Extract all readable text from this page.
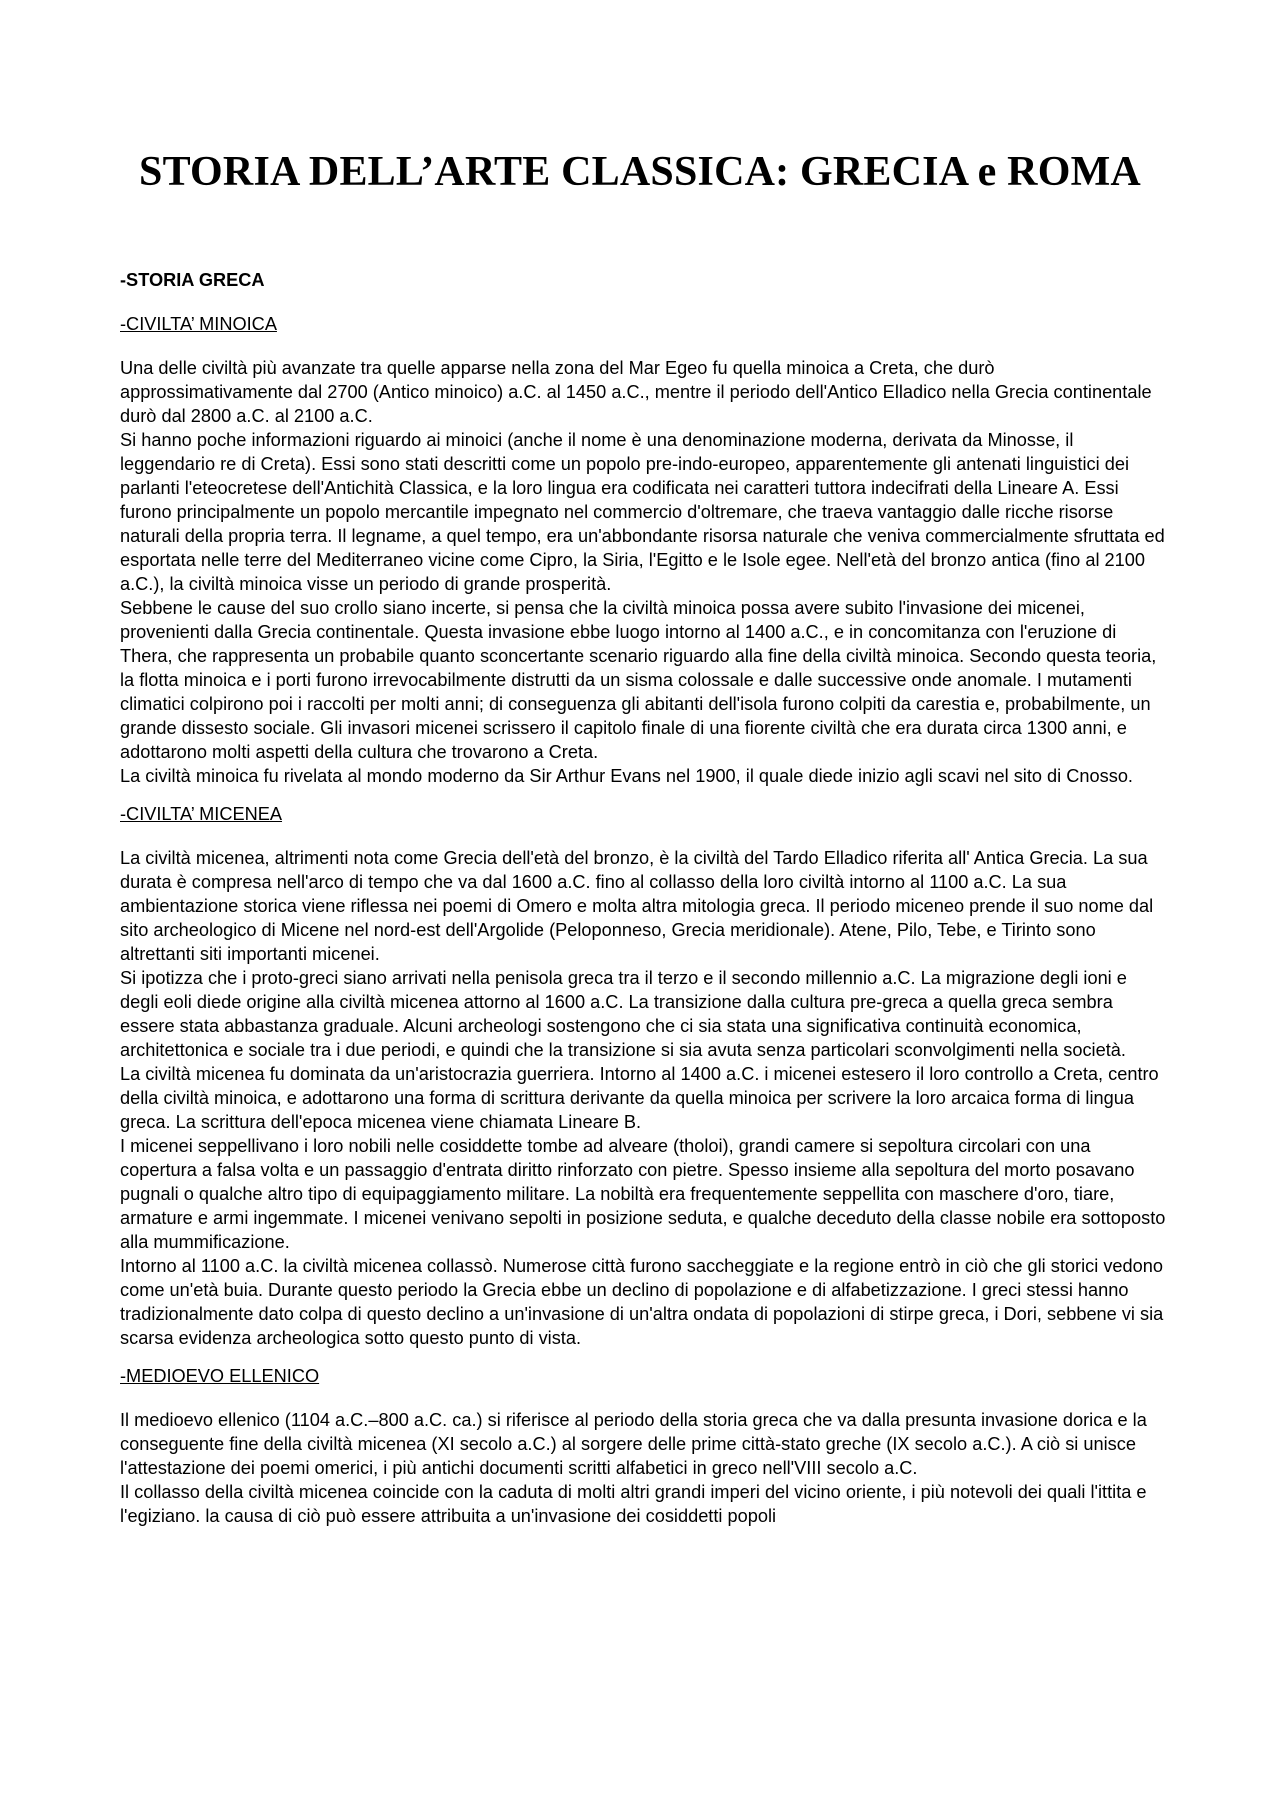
STORIA DELL’ARTE CLASSICA: GRECIA e ROMA

-STORIA GRECA

-CIVILTA’ MINOICA

Una delle civiltà più avanzate tra quelle apparse nella zona del Mar Egeo fu quella minoica a Creta, che durò approssimativamente dal 2700 (Antico minoico) a.C. al 1450 a.C., mentre il periodo dell'Antico Elladico nella Grecia continentale durò dal 2800 a.C. al 2100 a.C.

Si hanno poche informazioni riguardo ai minoici (anche il nome è una denominazione moderna, derivata da Minosse, il leggendario re di Creta). Essi sono stati descritti come un popolo pre-indo-europeo, apparentemente gli antenati linguistici dei parlanti l'eteocretese dell'Antichità Classica, e la loro lingua era codificata nei caratteri tuttora indecifrati della Lineare A. Essi furono principalmente un popolo mercantile impegnato nel commercio d'oltremare, che traeva vantaggio dalle ricche risorse naturali della propria terra. Il legname, a quel tempo, era un'abbondante risorsa naturale che veniva commercialmente sfruttata ed esportata nelle terre del Mediterraneo vicine come Cipro, la Siria, l'Egitto e le Isole egee. Nell'età del bronzo antica (fino al 2100 a.C.), la civiltà minoica visse un periodo di grande prosperità.

Sebbene le cause del suo crollo siano incerte, si pensa che la civiltà minoica possa avere subito l'invasione dei micenei, provenienti dalla Grecia continentale. Questa invasione ebbe luogo intorno al 1400 a.C., e in concomitanza con l'eruzione di Thera, che rappresenta un probabile quanto sconcertante scenario riguardo alla fine della civiltà minoica. Secondo questa teoria, la flotta minoica e i porti furono irrevocabilmente distrutti da un sisma colossale e dalle successive onde anomale. I mutamenti climatici colpirono poi i raccolti per molti anni; di conseguenza gli abitanti dell'isola furono colpiti da carestia e, probabilmente, un grande dissesto sociale. Gli invasori micenei scrissero il capitolo finale di una fiorente civiltà che era durata circa 1300 anni, e adottarono molti aspetti della cultura che trovarono a Creta.

La civiltà minoica fu rivelata al mondo moderno da Sir Arthur Evans nel 1900, il quale diede inizio agli scavi nel sito di Cnosso.

-CIVILTA’ MICENEA

La civiltà micenea, altrimenti nota come Grecia dell'età del bronzo, è la civiltà del Tardo Elladico riferita all' Antica Grecia. La sua durata è compresa nell'arco di tempo che va dal 1600 a.C. fino al collasso della loro civiltà intorno al 1100 a.C. La sua ambientazione storica viene riflessa nei poemi di Omero e molta altra mitologia greca. Il periodo miceneo prende il suo nome dal sito archeologico di Micene nel nord-est dell'Argolide (Peloponneso, Grecia meridionale). Atene, Pilo, Tebe, e Tirinto sono altrettanti siti importanti micenei.

Si ipotizza che i proto-greci siano arrivati nella penisola greca tra il terzo e il secondo millennio a.C. La migrazione degli ioni e degli eoli diede origine alla civiltà micenea attorno al 1600 a.C. La transizione dalla cultura pre-greca a quella greca sembra essere stata abbastanza graduale. Alcuni archeologi sostengono che ci sia stata una significativa continuità economica, architettonica e sociale tra i due periodi, e quindi che la transizione si sia avuta senza particolari sconvolgimenti nella società.

La civiltà micenea fu dominata da un'aristocrazia guerriera. Intorno al 1400 a.C. i micenei estesero il loro controllo a Creta, centro della civiltà minoica, e adottarono una forma di scrittura derivante da quella minoica per scrivere la loro arcaica forma di lingua greca. La scrittura dell'epoca micenea viene chiamata Lineare B.

I micenei seppellivano i loro nobili nelle cosiddette tombe ad alveare (tholoi), grandi camere si sepoltura circolari con una copertura a falsa volta e un passaggio d'entrata diritto rinforzato con pietre. Spesso insieme alla sepoltura del morto posavano pugnali o qualche altro tipo di equipaggiamento militare. La nobiltà era frequentemente seppellita con maschere d'oro, tiare, armature e armi ingemmate. I micenei venivano sepolti in posizione seduta, e qualche deceduto della classe nobile era sottoposto alla mummificazione.

Intorno al 1100 a.C. la civiltà micenea collassò. Numerose città furono saccheggiate e la regione entrò in ciò che gli storici vedono come un'età buia. Durante questo periodo la Grecia ebbe un declino di popolazione e di alfabetizzazione. I greci stessi hanno tradizionalmente dato colpa di questo declino a un'invasione di un'altra ondata di popolazioni di stirpe greca, i Dori, sebbene vi sia scarsa evidenza archeologica sotto questo punto di vista.

-MEDIOEVO ELLENICO

Il medioevo ellenico (1104 a.C.–800 a.C. ca.) si riferisce al periodo della storia greca che va dalla presunta invasione dorica e la conseguente fine della civiltà micenea (XI secolo a.C.) al sorgere delle prime città-stato greche (IX secolo a.C.). A ciò si unisce l'attestazione dei poemi omerici, i più antichi documenti scritti alfabetici in greco nell'VIII secolo a.C.

Il collasso della civiltà micenea coincide con la caduta di molti altri grandi imperi del vicino oriente, i più notevoli dei quali l'ittita e l'egiziano. la causa di ciò può essere attribuita a un'invasione dei cosiddetti popoli
